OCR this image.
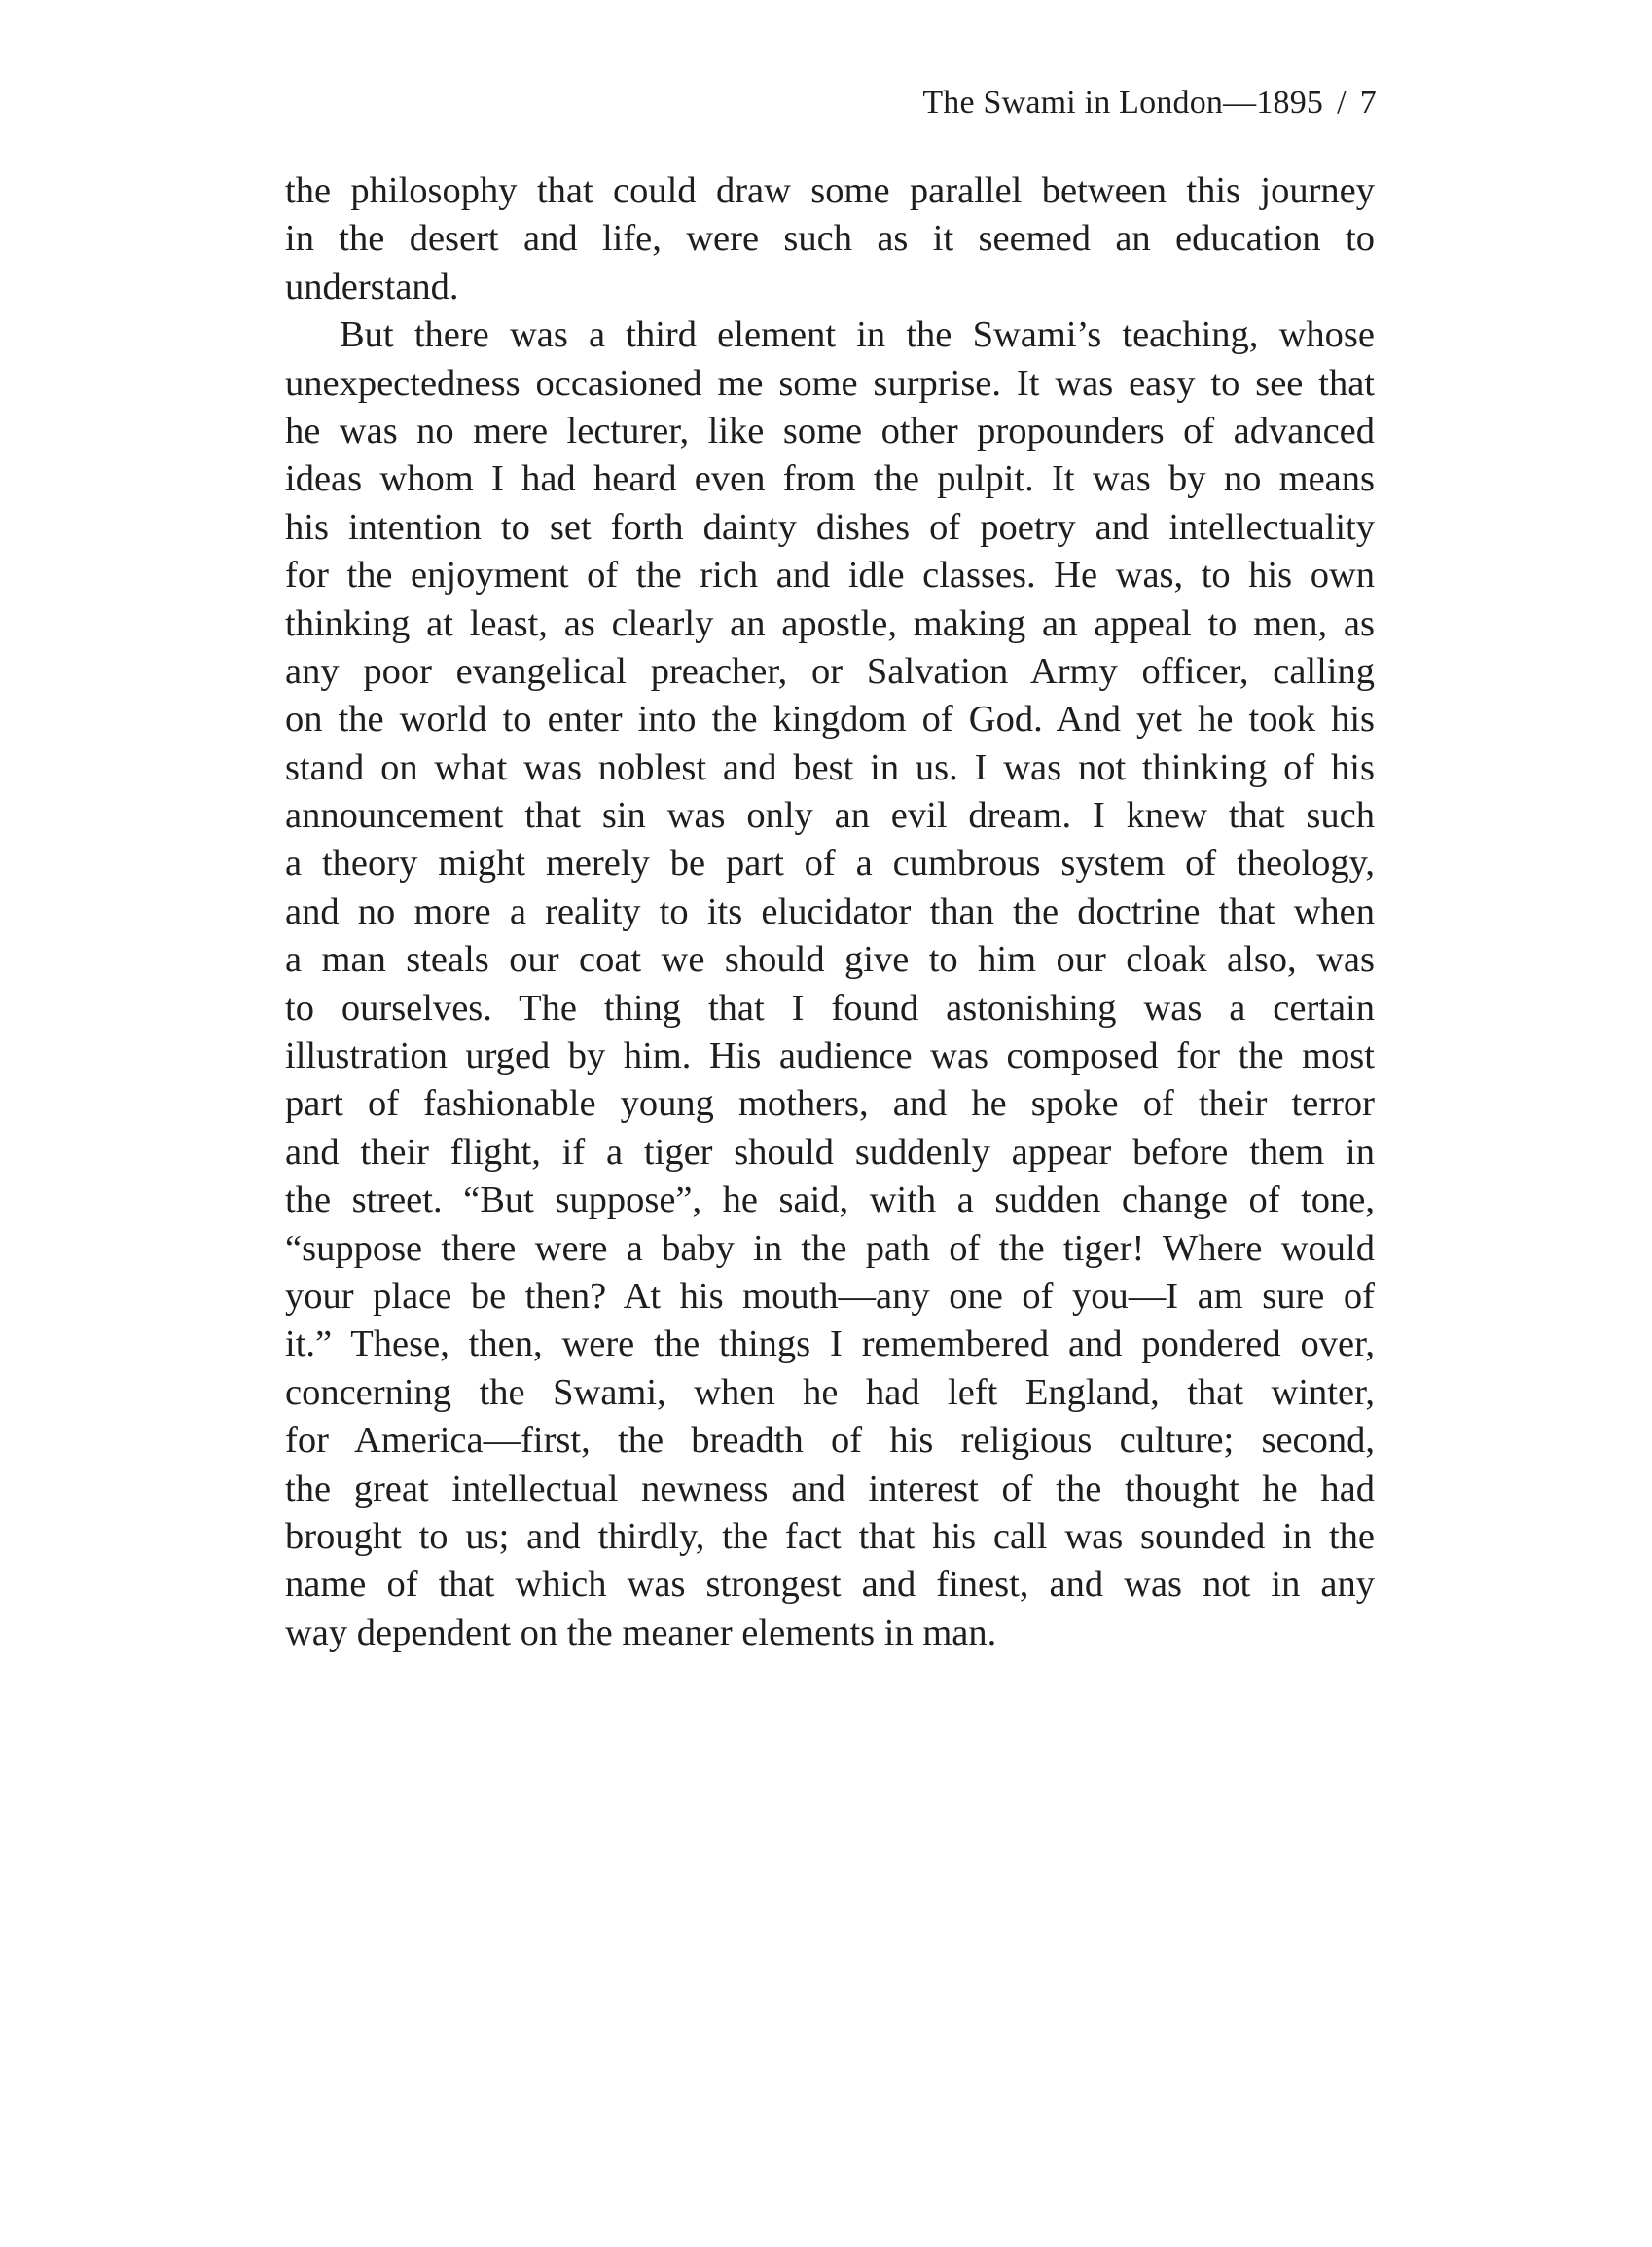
The Swami in London—1895 / 7
the philosophy that could draw some parallel between this journey
in the desert and life, were such as it seemed an education to
understand.
But there was a third element in the Swami’s teaching, whose
unexpectedness occasioned me some surprise. It was easy to see that
he was no mere lecturer, like some other propounders of advanced
ideas whom I had heard even from the pulpit. It was by no means
his intention to set forth dainty dishes of poetry and intellectuality
for the enjoyment of the rich and idle classes. He was, to his own
thinking at least, as clearly an apostle, making an appeal to men, as
any poor evangelical preacher, or Salvation Army officer, calling
on the world to enter into the kingdom of God. And yet he took his
stand on what was noblest and best in us. I was not thinking of his
announcement that sin was only an evil dream. I knew that such
a theory might merely be part of a cumbrous system of theology,
and no more a reality to its elucidator than the doctrine that when
a man steals our coat we should give to him our cloak also, was
to ourselves. The thing that I found astonishing was a certain
illustration urged by him. His audience was composed for the most
part of fashionable young mothers, and he spoke of their terror
and their flight, if a tiger should suddenly appear before them in
the street. “But suppose”, he said, with a sudden change of tone,
“suppose there were a baby in the path of the tiger! Where would
your place be then? At his mouth—any one of you—I am sure of
it.” These, then, were the things I remembered and pondered over,
concerning the Swami, when he had left England, that winter,
for America—first, the breadth of his religious culture; second,
the great intellectual newness and interest of the thought he had
brought to us; and thirdly, the fact that his call was sounded in the
name of that which was strongest and finest, and was not in any
way dependent on the meaner elements in man.
